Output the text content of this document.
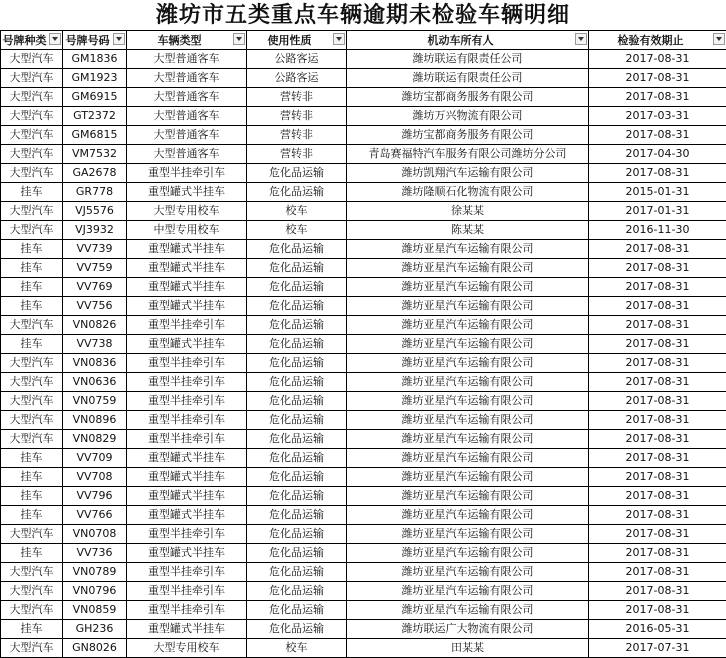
潍坊市五类重点车辆逾期未检验车辆明细
号牌种类	号牌号码	车辆类型	使用性质	机动车所有人	检验有效期止

大型汽车	GM1836	大型普通客车	公路客运	潍坊联运有限责任公司	2017-08-31
大型汽车	GM1923	大型普通客车	公路客运	潍坊联运有限责任公司	2017-08-31
大型汽车	GM6915	大型普通客车	营转非	潍坊宝都商务服务有限公司	2017-08-31
大型汽车	GT2372	大型普通客车	营转非	潍坊万兴物流有限公司	2017-03-31
大型汽车	GM6815	大型普通客车	营转非	潍坊宝都商务服务有限公司	2017-08-31
大型汽车	VM7532	大型普通客车	营转非	青岛赛福特汽车服务有限公司潍坊分公司	2017-04-30
大型汽车	GA2678	重型半挂牵引车	危化品运输	潍坊凯翔汽车运输有限公司	2017-08-31
挂车	GR778	重型罐式半挂车	危化品运输	潍坊隆顺石化物流有限公司	2015-01-31
大型汽车	VJ5576	大型专用校车	校车	徐某某	2017-01-31
大型汽车	VJ3932	中型专用校车	校车	陈某某	2016-11-30
挂车	VV739	重型罐式半挂车	危化品运输	潍坊亚星汽车运输有限公司	2017-08-31
挂车	VV759	重型罐式半挂车	危化品运输	潍坊亚星汽车运输有限公司	2017-08-31
挂车	VV769	重型罐式半挂车	危化品运输	潍坊亚星汽车运输有限公司	2017-08-31
挂车	VV756	重型罐式半挂车	危化品运输	潍坊亚星汽车运输有限公司	2017-08-31
大型汽车	VN0826	重型半挂牵引车	危化品运输	潍坊亚星汽车运输有限公司	2017-08-31
挂车	VV738	重型罐式半挂车	危化品运输	潍坊亚星汽车运输有限公司	2017-08-31
大型汽车	VN0836	重型半挂牵引车	危化品运输	潍坊亚星汽车运输有限公司	2017-08-31
大型汽车	VN0636	重型半挂牵引车	危化品运输	潍坊亚星汽车运输有限公司	2017-08-31
大型汽车	VN0759	重型半挂牵引车	危化品运输	潍坊亚星汽车运输有限公司	2017-08-31
大型汽车	VN0896	重型半挂牵引车	危化品运输	潍坊亚星汽车运输有限公司	2017-08-31
大型汽车	VN0829	重型半挂牵引车	危化品运输	潍坊亚星汽车运输有限公司	2017-08-31
挂车	VV709	重型罐式半挂车	危化品运输	潍坊亚星汽车运输有限公司	2017-08-31
挂车	VV708	重型罐式半挂车	危化品运输	潍坊亚星汽车运输有限公司	2017-08-31
挂车	VV796	重型罐式半挂车	危化品运输	潍坊亚星汽车运输有限公司	2017-08-31
挂车	VV766	重型罐式半挂车	危化品运输	潍坊亚星汽车运输有限公司	2017-08-31
大型汽车	VN0708	重型半挂牵引车	危化品运输	潍坊亚星汽车运输有限公司	2017-08-31
挂车	VV736	重型罐式半挂车	危化品运输	潍坊亚星汽车运输有限公司	2017-08-31
大型汽车	VN0789	重型半挂牵引车	危化品运输	潍坊亚星汽车运输有限公司	2017-08-31
大型汽车	VN0796	重型半挂牵引车	危化品运输	潍坊亚星汽车运输有限公司	2017-08-31
大型汽车	VN0859	重型半挂牵引车	危化品运输	潍坊亚星汽车运输有限公司	2017-08-31
挂车	GH236	重型罐式半挂车	危化品运输	潍坊联运广大物流有限公司	2016-05-31
大型汽车	GN8026	大型专用校车	校车	田某某	2017-07-31
